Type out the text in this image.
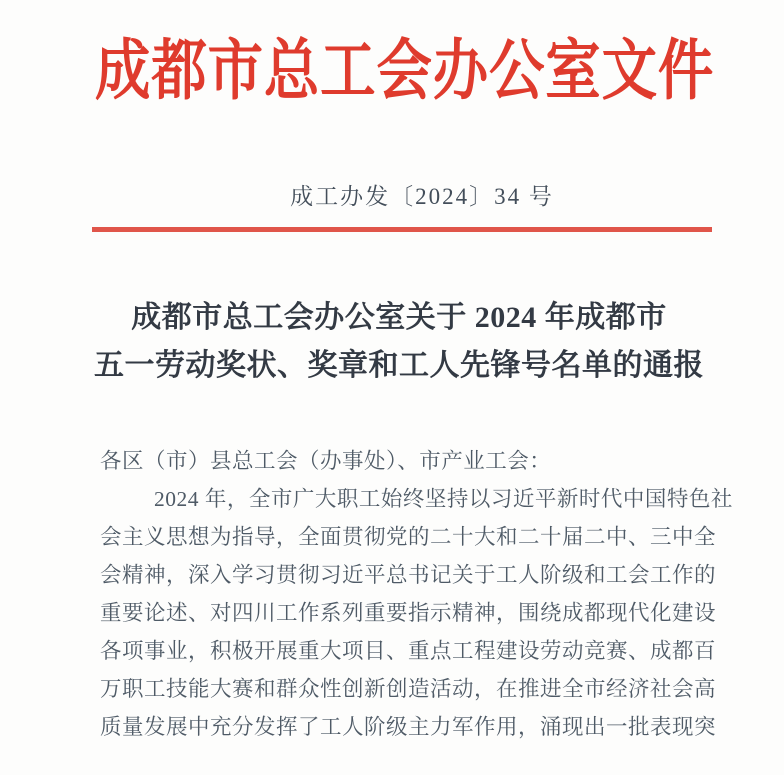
成都市总工会办公室文件
成工办发〔2024〕34 号
成都市总工会办公室关于 2024 年成都市
五一劳动奖状、奖章和工人先锋号名单的通报
各区（市）县总工会（办事处）、市产业工会：
2024 年，全市广大职工始终坚持以习近平新时代中国特色社
会主义思想为指导，全面贯彻党的二十大和二十届二中、三中全
会精神，深入学习贯彻习近平总书记关于工人阶级和工会工作的
重要论述、对四川工作系列重要指示精神，围绕成都现代化建设
各项事业，积极开展重大项目、重点工程建设劳动竞赛、成都百
万职工技能大赛和群众性创新创造活动，在推进全市经济社会高
质量发展中充分发挥了工人阶级主力军作用，涌现出一批表现突
